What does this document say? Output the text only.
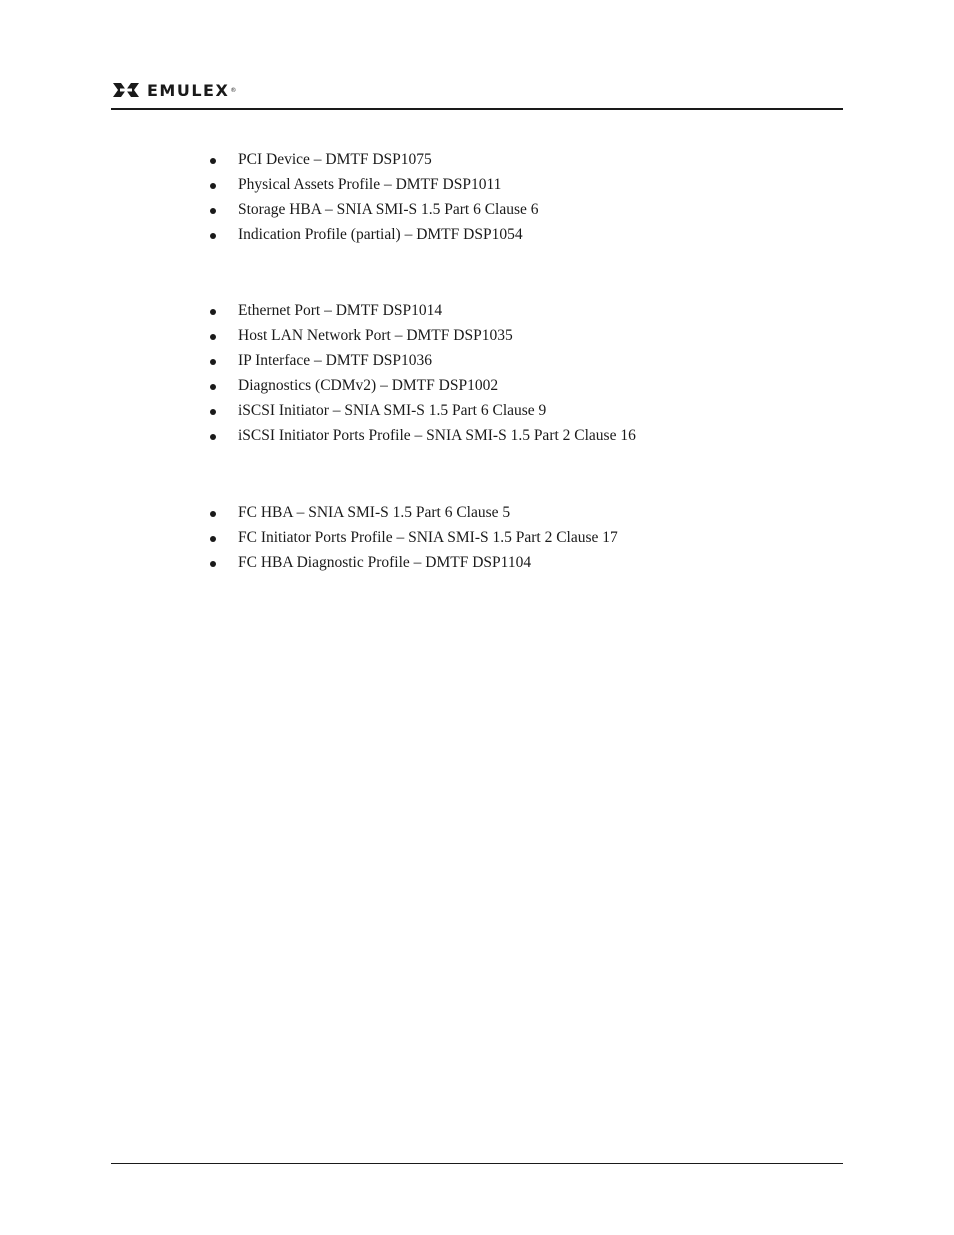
EMULEX ®
PCI Device – DMTF DSP1075
Physical Assets Profile – DMTF DSP1011
Storage HBA – SNIA SMI-S 1.5 Part 6 Clause 6
Indication Profile (partial) – DMTF DSP1054
Ethernet Port – DMTF DSP1014
Host LAN Network Port – DMTF DSP1035
IP Interface – DMTF DSP1036
Diagnostics (CDMv2) – DMTF DSP1002
iSCSI Initiator – SNIA SMI-S 1.5 Part 6 Clause 9
iSCSI Initiator Ports Profile – SNIA SMI-S 1.5 Part 2 Clause 16
FC HBA – SNIA SMI-S 1.5 Part 6 Clause 5
FC Initiator Ports Profile – SNIA SMI-S 1.5 Part 2 Clause 17
FC HBA Diagnostic Profile – DMTF DSP1104
